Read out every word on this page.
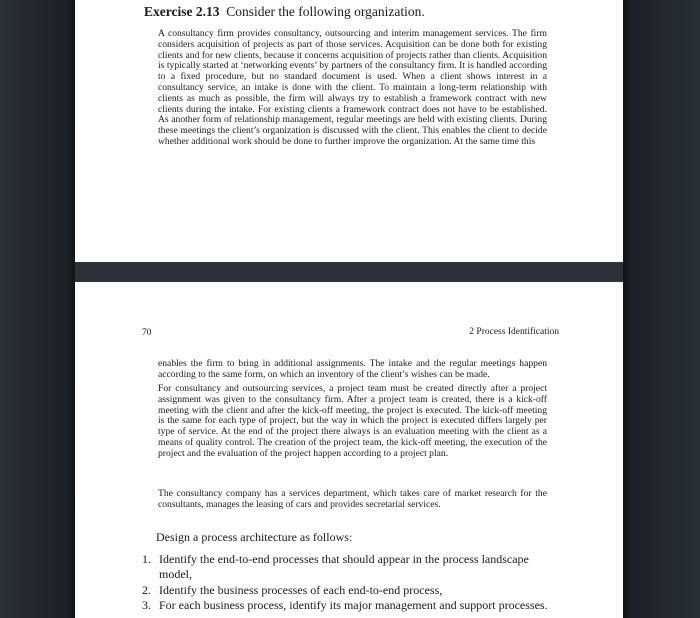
Exercise 2.13 Consider the following organization.

A consultancy firm provides consultancy, outsourcing and interim management services. The firm considers acquisition of projects as part of those services. Acquisition can be done both for existing clients and for new clients, because it concerns acquisition of projects rather than clients. Acquisition is typically started at ‘networking events’ by partners of the consultancy firm. It is handled according to a fixed procedure, but no standard document is used. When a client shows interest in a consultancy service, an intake is done with the client. To maintain a long-term relationship with clients as much as possible, the firm will always try to establish a framework contract with new clients during the intake. For existing clients a framework contract does not have to be established. As another form of relationship management, regular meetings are held with existing clients. During these meetings the client’s organization is discussed with the client. This enables the client to decide whether additional work should be done to further improve the organization. At the same time this

70	2 Process Identification

enables the firm to bring in additional assignments. The intake and the regular meetings happen according to the same form, on which an inventory of the client’s wishes can be made.

For consultancy and outsourcing services, a project team must be created directly after a project assignment was given to the consultancy firm. After a project team is created, there is a kick-off meeting with the client and after the kick-off meeting, the project is executed. The kick-off meeting is the same for each type of project, but the way in which the project is executed differs largely per type of service. At the end of the project there always is an evaluation meeting with the client as a means of quality control. The creation of the project team, the kick-off meeting, the execution of the project and the evaluation of the project happen according to a project plan.

The consultancy company has a services department, which takes care of market research for the consultants, manages the leasing of cars and provides secretarial services.

Design a process architecture as follows:
1. Identify the end-to-end processes that should appear in the process landscape model,
2. Identify the business processes of each end-to-end process,
3. For each business process, identify its major management and support processes.
